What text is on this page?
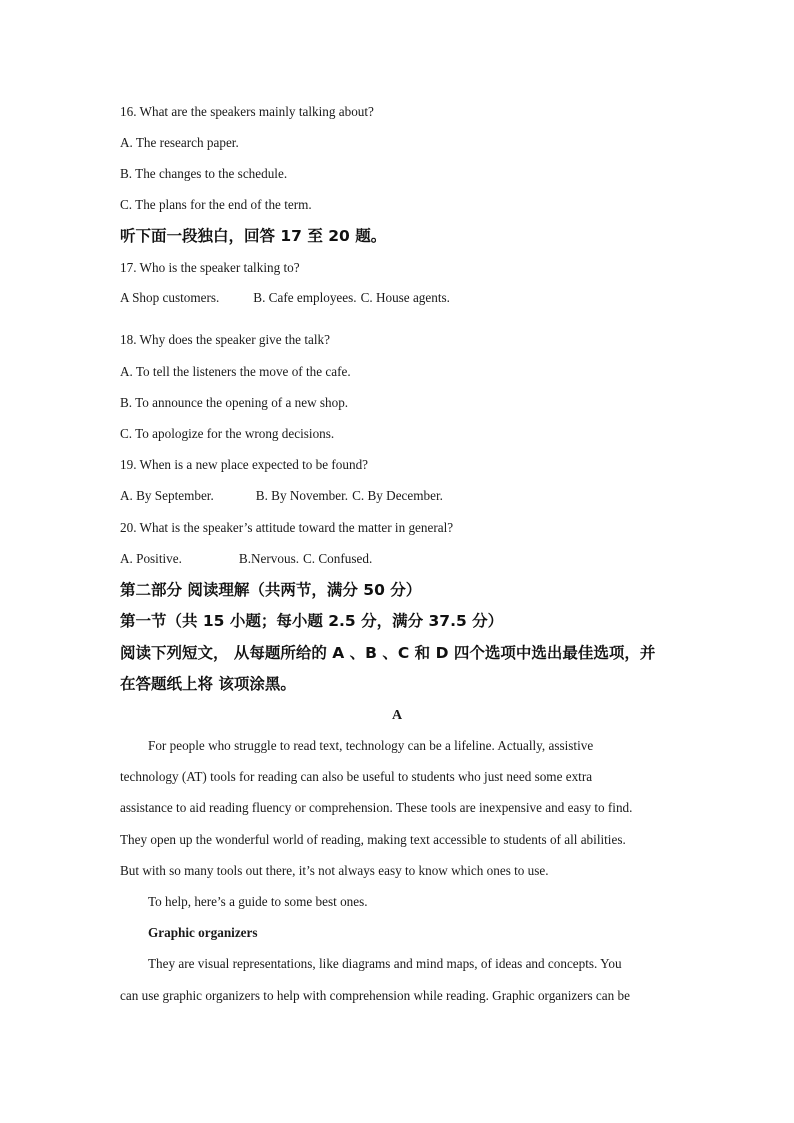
16. What are the speakers mainly talking about?
A. The research paper.
B. The changes to the schedule.
C. The plans for the end of the term.
听下面一段独白，回答 17 至 20 题。
17. Who is the speaker talking to?
A Shop customers.	B. Cafe employees. C. House agents.
18. Why does the speaker give the talk?
A. To tell the listeners the move of the cafe.
B. To announce the opening of a new shop.
C. To apologize for the wrong decisions.
19. When is a new place expected to be found?
A. By September.	B. By November. C. By December.
20. What is the speaker’s attitude toward the matter in general?
A. Positive.	B.Nervous. C. Confused.
第二部分 阅读理解（共两节，满分 50 分）
第一节（共 15 小题；每小题 2.5 分，满分 37.5 分）
阅读下列短文， 从每题所给的 A 、B 、C 和 D 四个选项中选出最佳选项，并
在答题纸上将 该项涂黑。
A
For people who struggle to read text, technology can be a lifeline. Actually, assistive
technology (AT) tools for reading can also be useful to students who just need some extra
assistance to aid reading fluency or comprehension. These tools are inexpensive and easy to find.
They open up the wonderful world of reading, making text accessible to students of all abilities.
But with so many tools out there, it’s not always easy to know which ones to use.
To help, here’s a guide to some best ones.
Graphic organizers
They are visual representations, like diagrams and mind maps, of ideas and concepts. You
can use graphic organizers to help with comprehension while reading. Graphic organizers can be
